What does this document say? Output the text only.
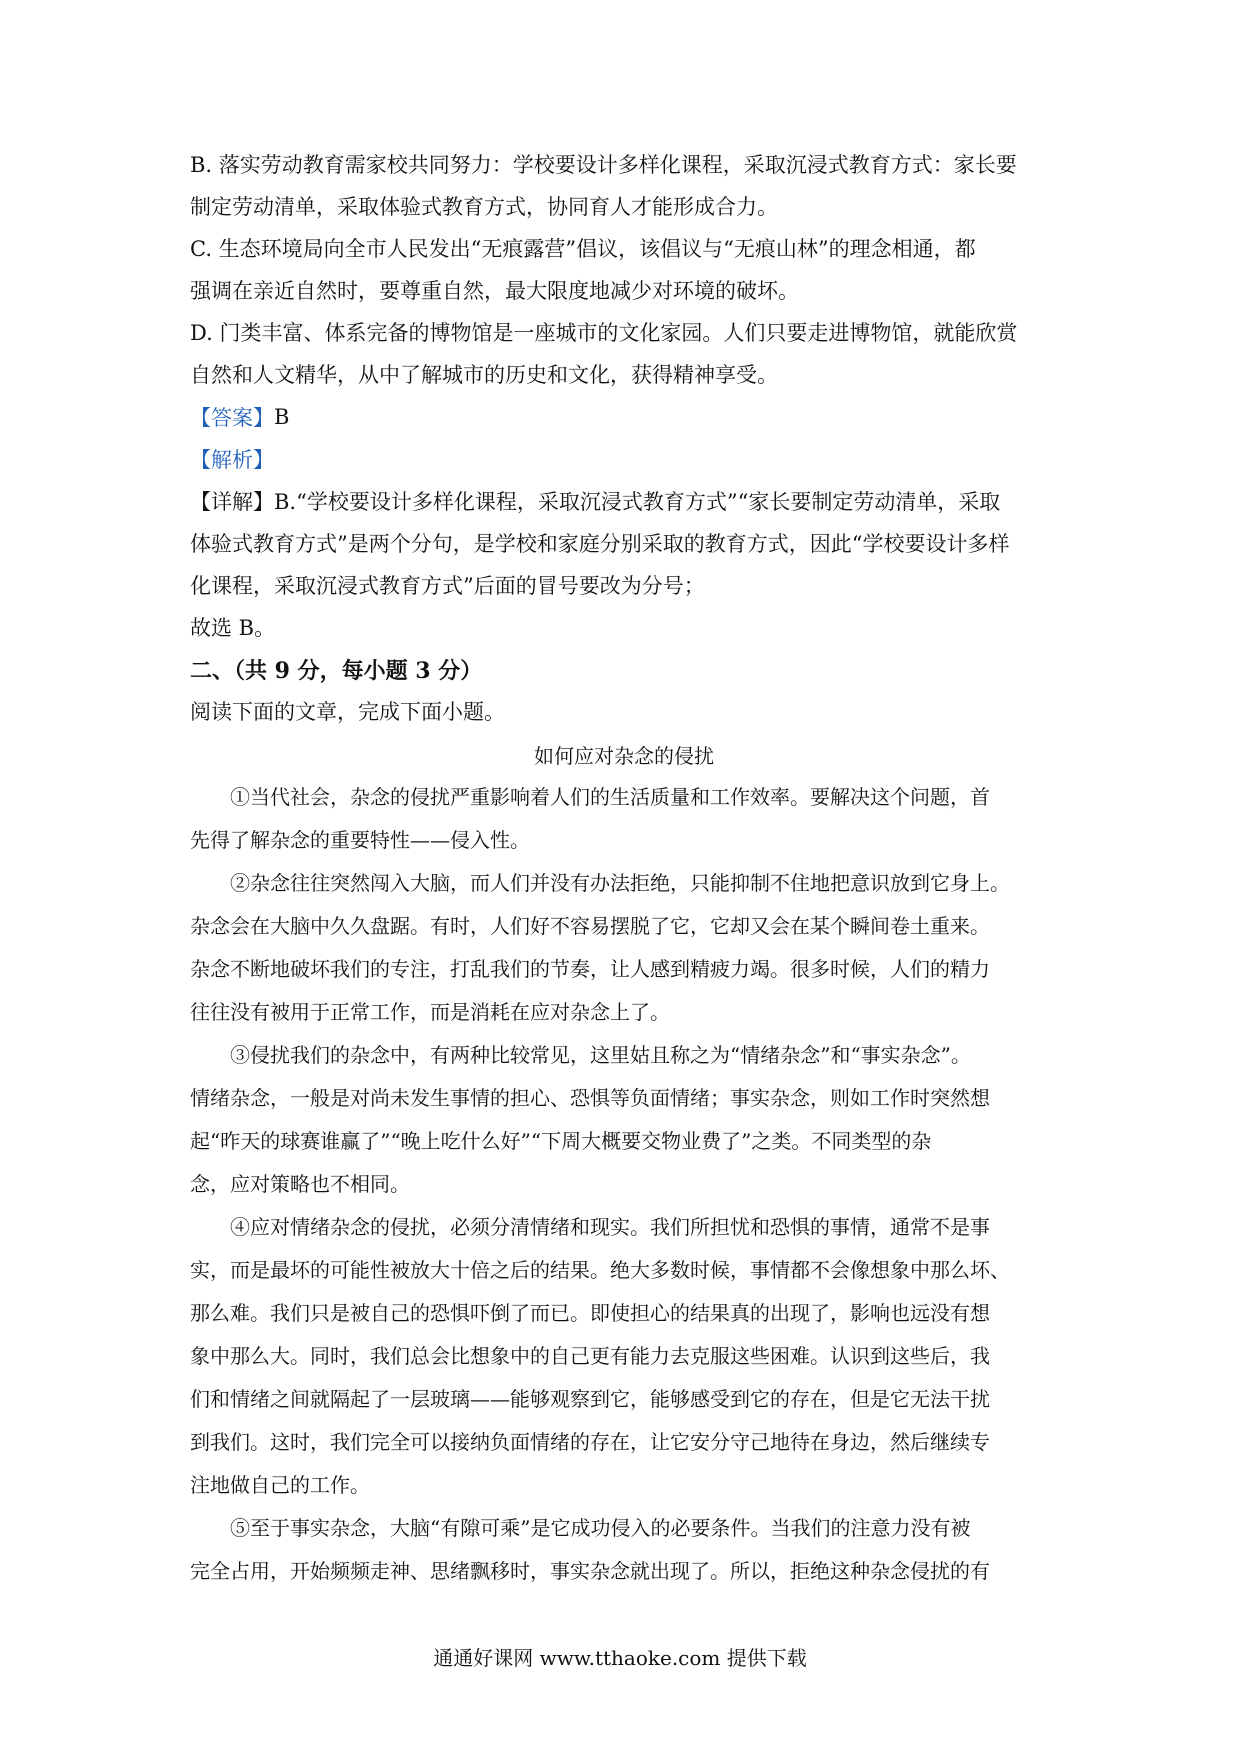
B. 落实劳动教育需家校共同努力：学校要设计多样化课程，采取沉浸式教育方式：家长要
制定劳动清单，采取体验式教育方式，协同育人才能形成合力。
C. 生态环境局向全市人民发出“无痕露营”倡议，该倡议与“无痕山林”的理念相通，都
强调在亲近自然时，要尊重自然，最大限度地减少对环境的破坏。
D. 门类丰富、体系完备的博物馆是一座城市的文化家园。人们只要走进博物馆，就能欣赏
自然和人文精华，从中了解城市的历史和文化，获得精神享受。
【答案】 B
【解析】
【详解】 B.“学校要设计多样化课程，采取沉浸式教育方式”“家长要制定劳动清单，采取
体验式教育方式”是两个分句，是学校和家庭分别采取的教育方式，因此“学校要设计多样
化课程，采取沉浸式教育方式”后面的冒号要改为分号；
故选 B。
二、（共 9 分，每小题 3 分）
阅读下面的文章，完成下面小题。
如何应对杂念的侵扰

①当代社会，杂念的侵扰严重影响着人们的生活质量和工作效率。要解决这个问题，首
先得了解杂念的重要特性——侵入性。

②杂念往往突然闯入大脑，而人们并没有办法拒绝，只能抑制不住地把意识放到它身上。
杂念会在大脑中久久盘踞。有时，人们好不容易摆脱了它，它却又会在某个瞬间卷土重来。
杂念不断地破坏我们的专注，打乱我们的节奏，让人感到精疲力竭。很多时候，人们的精力
往往没有被用于正常工作，而是消耗在应对杂念上了。

③侵扰我们的杂念中，有两种比较常见，这里姑且称之为“情绪杂念”和“事实杂念”。
情绪杂念，一般是对尚未发生事情的担心、恐惧等负面情绪；事实杂念，则如工作时突然想
起“昨天的球赛谁赢了”“晚上吃什么好”“下周大概要交物业费了”之类。不同类型的杂
念，应对策略也不相同。

④应对情绪杂念的侵扰，必须分清情绪和现实。我们所担忧和恐惧的事情，通常不是事
实，而是最坏的可能性被放大十倍之后的结果。绝大多数时候，事情都不会像想象中那么坏、
那么难。我们只是被自己的恐惧吓倒了而已。即使担心的结果真的出现了，影响也远没有想
象中那么大。同时，我们总会比想象中的自己更有能力去克服这些困难。认识到这些后，我
们和情绪之间就隔起了一层玻璃——能够观察到它，能够感受到它的存在，但是它无法干扰
到我们。这时，我们完全可以接纳负面情绪的存在，让它安分守己地待在身边，然后继续专
注地做自己的工作。

⑤至于事实杂念，大脑“有隙可乘”是它成功侵入的必要条件。当我们的注意力没有被
完全占用，开始频频走神、思绪飘移时，事实杂念就出现了。所以，拒绝这种杂念侵扰的有

通通好课网 www.tthaoke.com 提供下载
